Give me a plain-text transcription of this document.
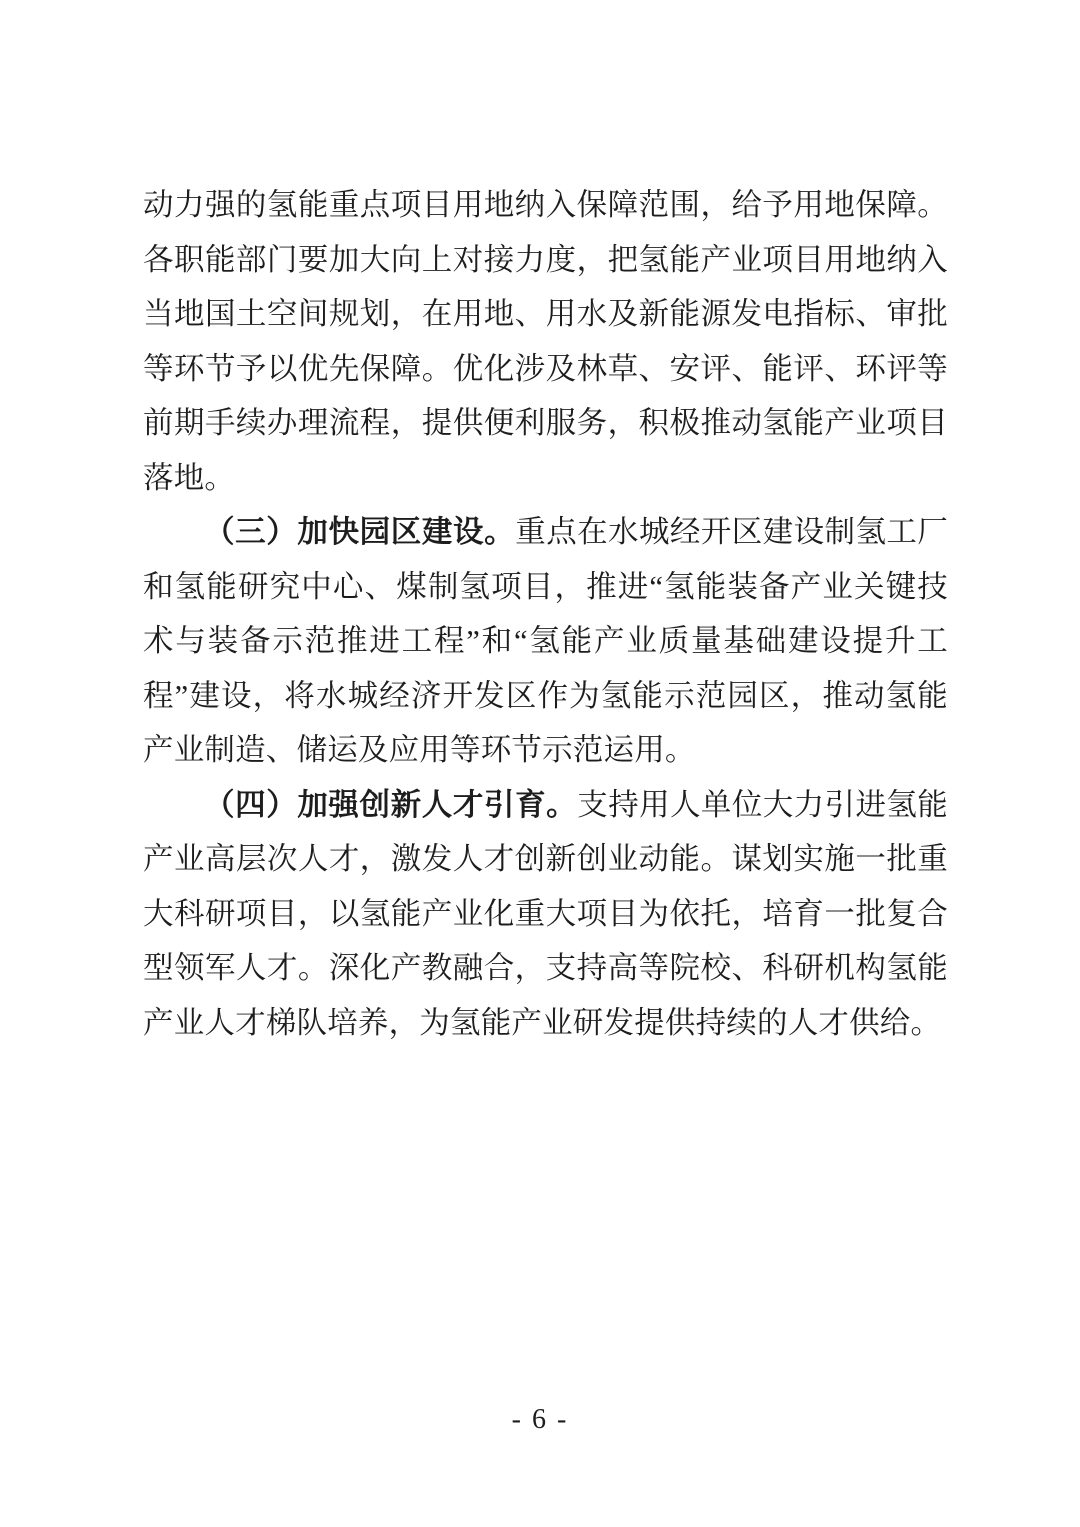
动力强的氢能重点项目用地纳入保障范围，给予用地保障。各职能部门要加大向上对接力度，把氢能产业项目用地纳入当地国土空间规划，在用地、用水及新能源发电指标、审批等环节予以优先保障。优化涉及林草、安评、能评、环评等前期手续办理流程，提供便利服务，积极推动氢能产业项目落地。

（三）加快园区建设。重点在水城经开区建设制氢工厂和氢能研究中心、煤制氢项目，推进“氢能装备产业关键技术与装备示范推进工程”和“氢能产业质量基础建设提升工程”建设，将水城经济开发区作为氢能示范园区，推动氢能产业制造、储运及应用等环节示范运用。

（四）加强创新人才引育。支持用人单位大力引进氢能产业高层次人才，激发人才创新创业动能。谋划实施一批重大科研项目，以氢能产业化重大项目为依托，培育一批复合型领军人才。深化产教融合，支持高等院校、科研机构氢能产业人才梯队培养，为氢能产业研发提供持续的人才供给。

- 6 -
